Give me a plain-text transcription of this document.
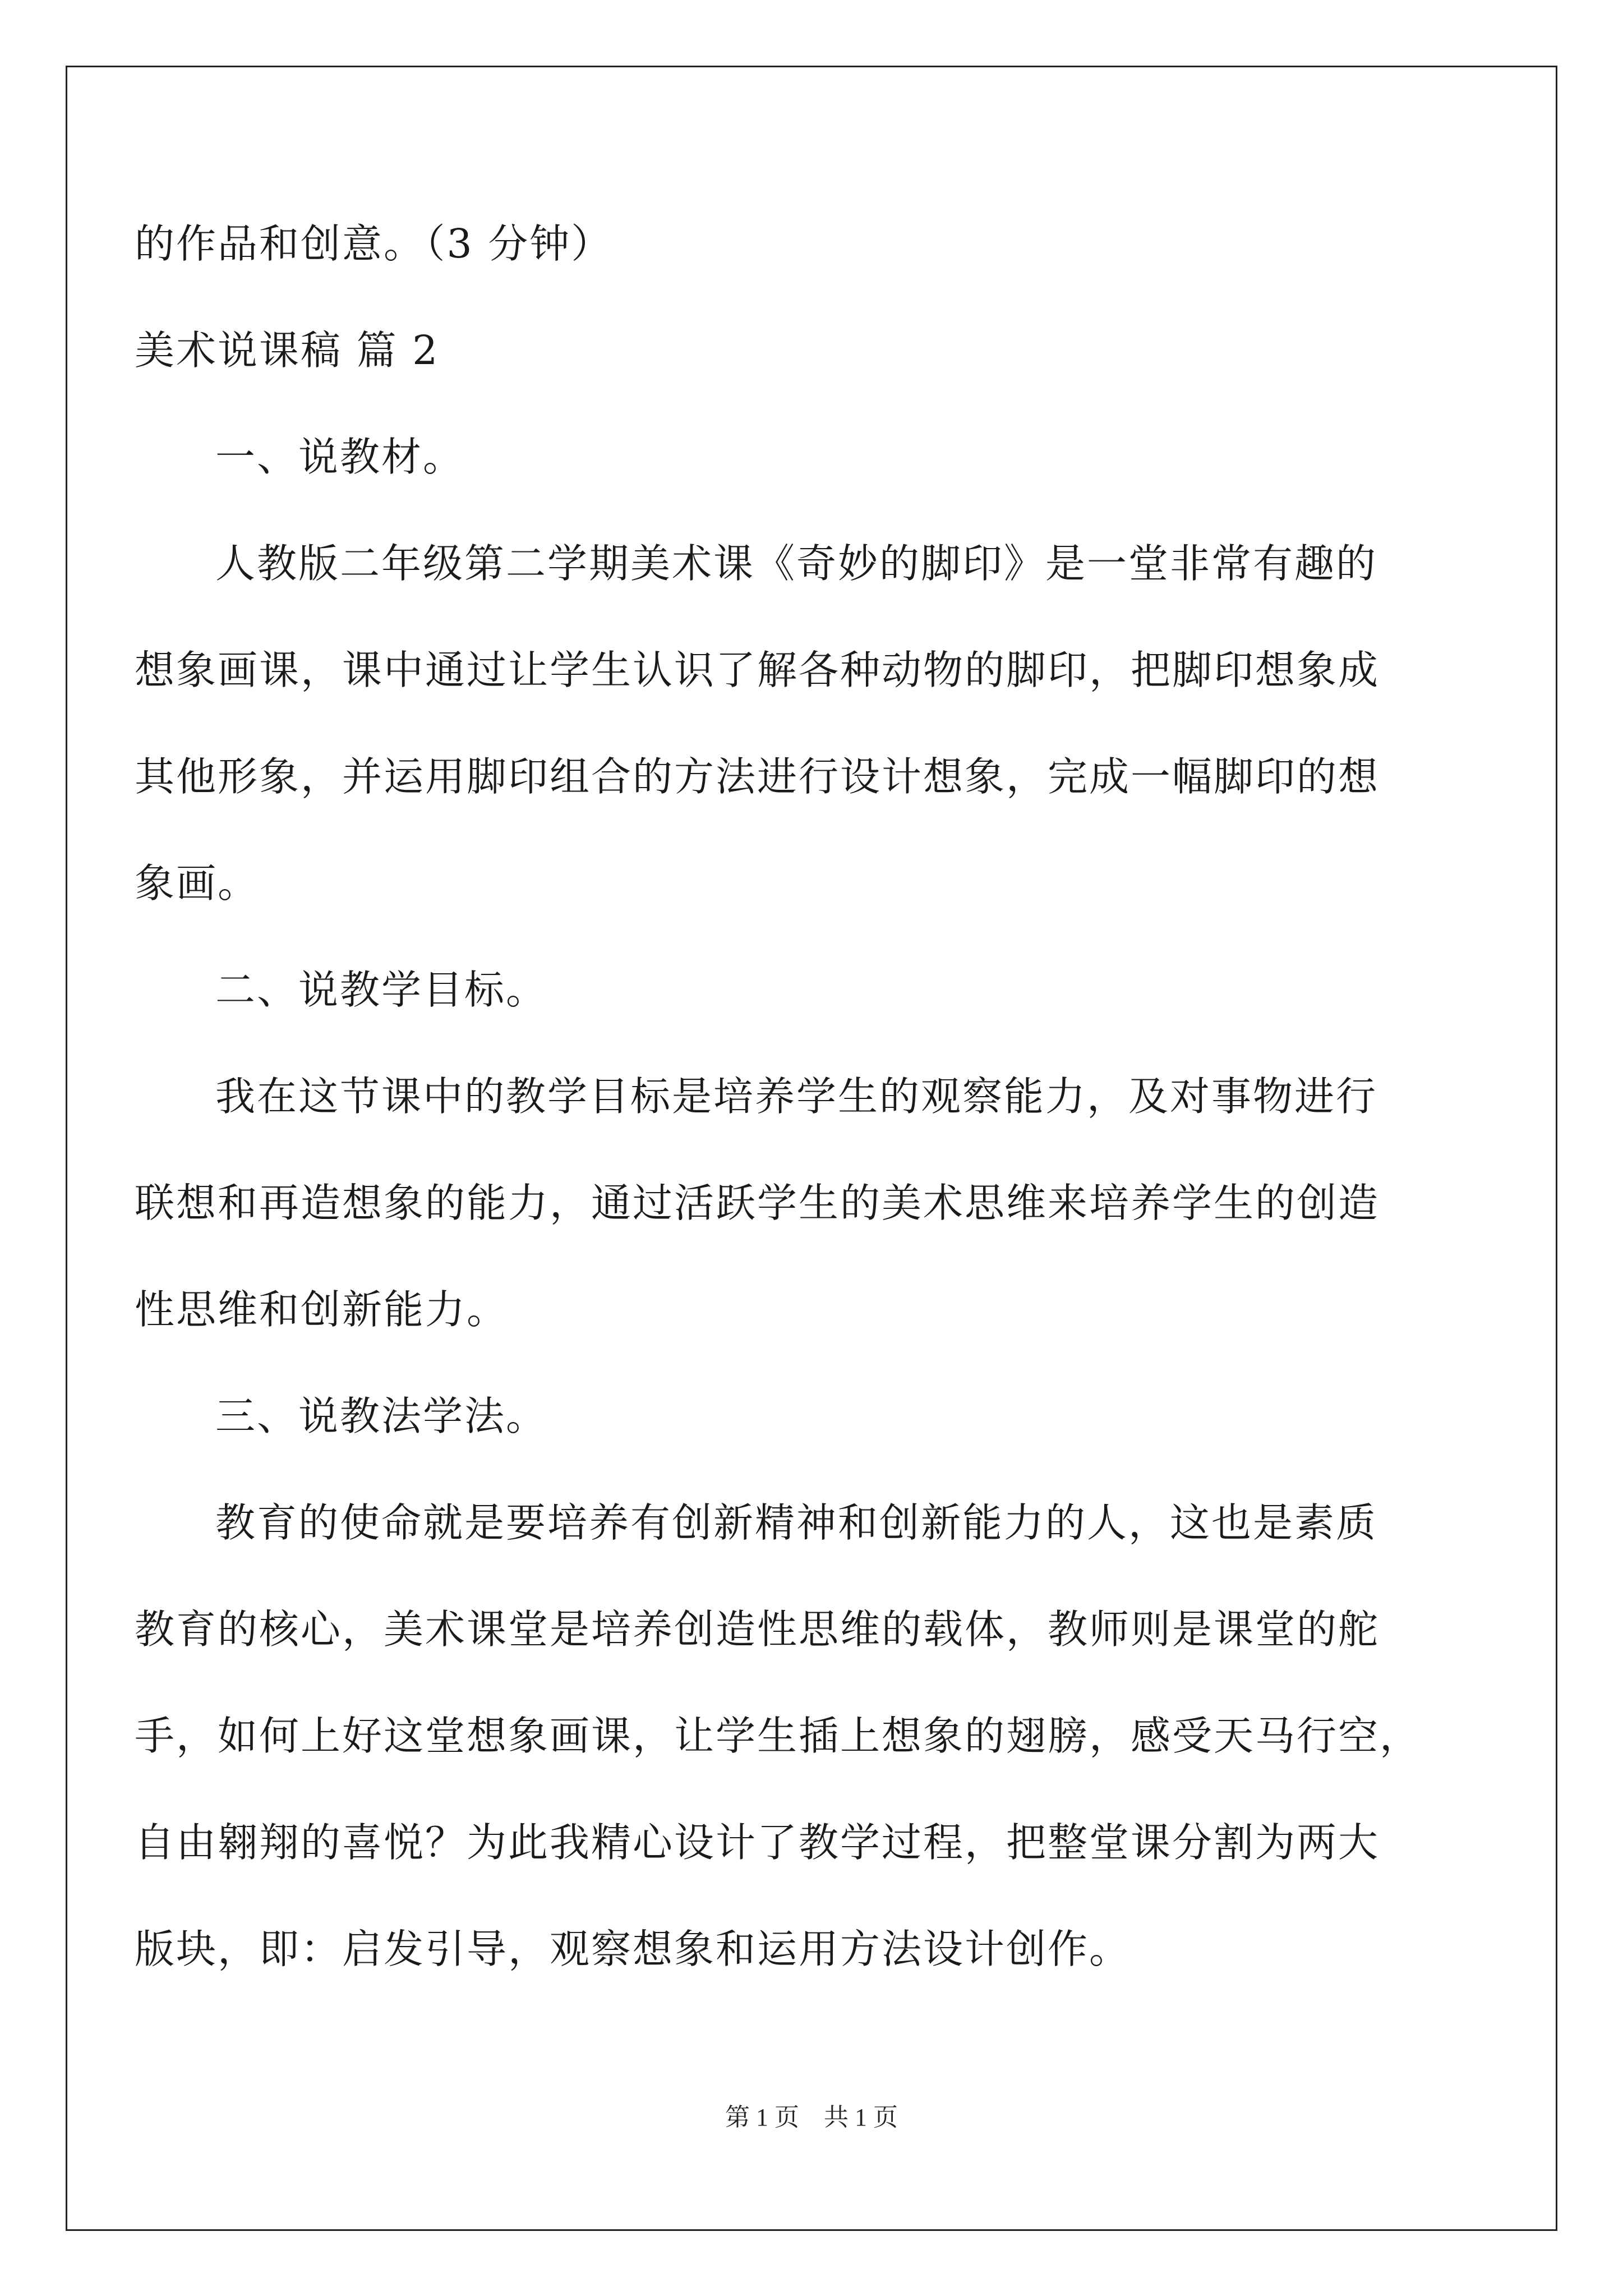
的作品和创意。（3 分钟）
美术说课稿 篇 2
一、说教材。
人教版二年级第二学期美术课《奇妙的脚印》是一堂非常有趣的
想象画课，课中通过让学生认识了解各种动物的脚印，把脚印想象成
其他形象，并运用脚印组合的方法进行设计想象，完成一幅脚印的想
象画。
二、说教学目标。
我在这节课中的教学目标是培养学生的观察能力，及对事物进行
联想和再造想象的能力，通过活跃学生的美术思维来培养学生的创造
性思维和创新能力。
三、说教法学法。
教育的使命就是要培养有创新精神和创新能力的人，这也是素质
教育的核心，美术课堂是培养创造性思维的载体，教师则是课堂的舵
手，如何上好这堂想象画课，让学生插上想象的翅膀，感受天马行空，
自由翱翔的喜悦？为此我精心设计了教学过程，把整堂课分割为两大
版块，即：启发引导，观察想象和运用方法设计创作。
第 1 页　共 1 页
